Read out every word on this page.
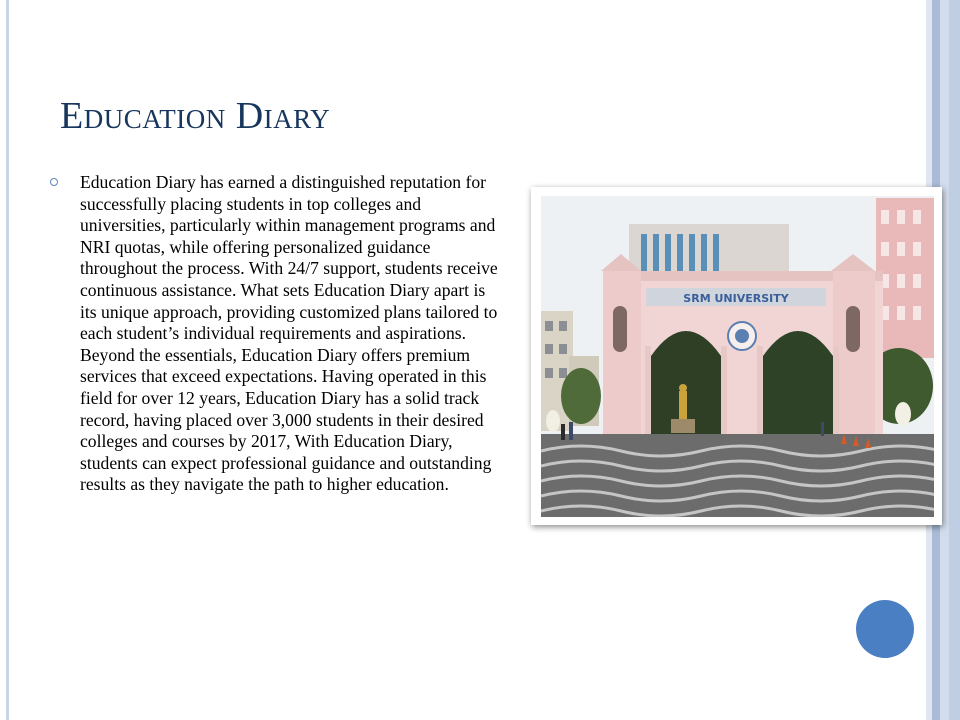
Education Diary

Education Diary has earned a distinguished reputation for successfully placing students in top colleges and universities, particularly within management programs and NRI quotas, while offering personalized guidance throughout the process. With 24/7 support, students receive continuous assistance. What sets Education Diary apart is its unique approach, providing customized plans tailored to each student’s individual requirements and aspirations. Beyond the essentials, Education Diary offers premium services that exceed expectations. Having operated in this field for over 12 years, Education Diary has a solid track record, having placed over 3,000 students in their desired colleges and courses by 2017, With Education Diary, students can expect professional guidance and outstanding results as they navigate the path to higher education.

SRM UNIVERSITY
